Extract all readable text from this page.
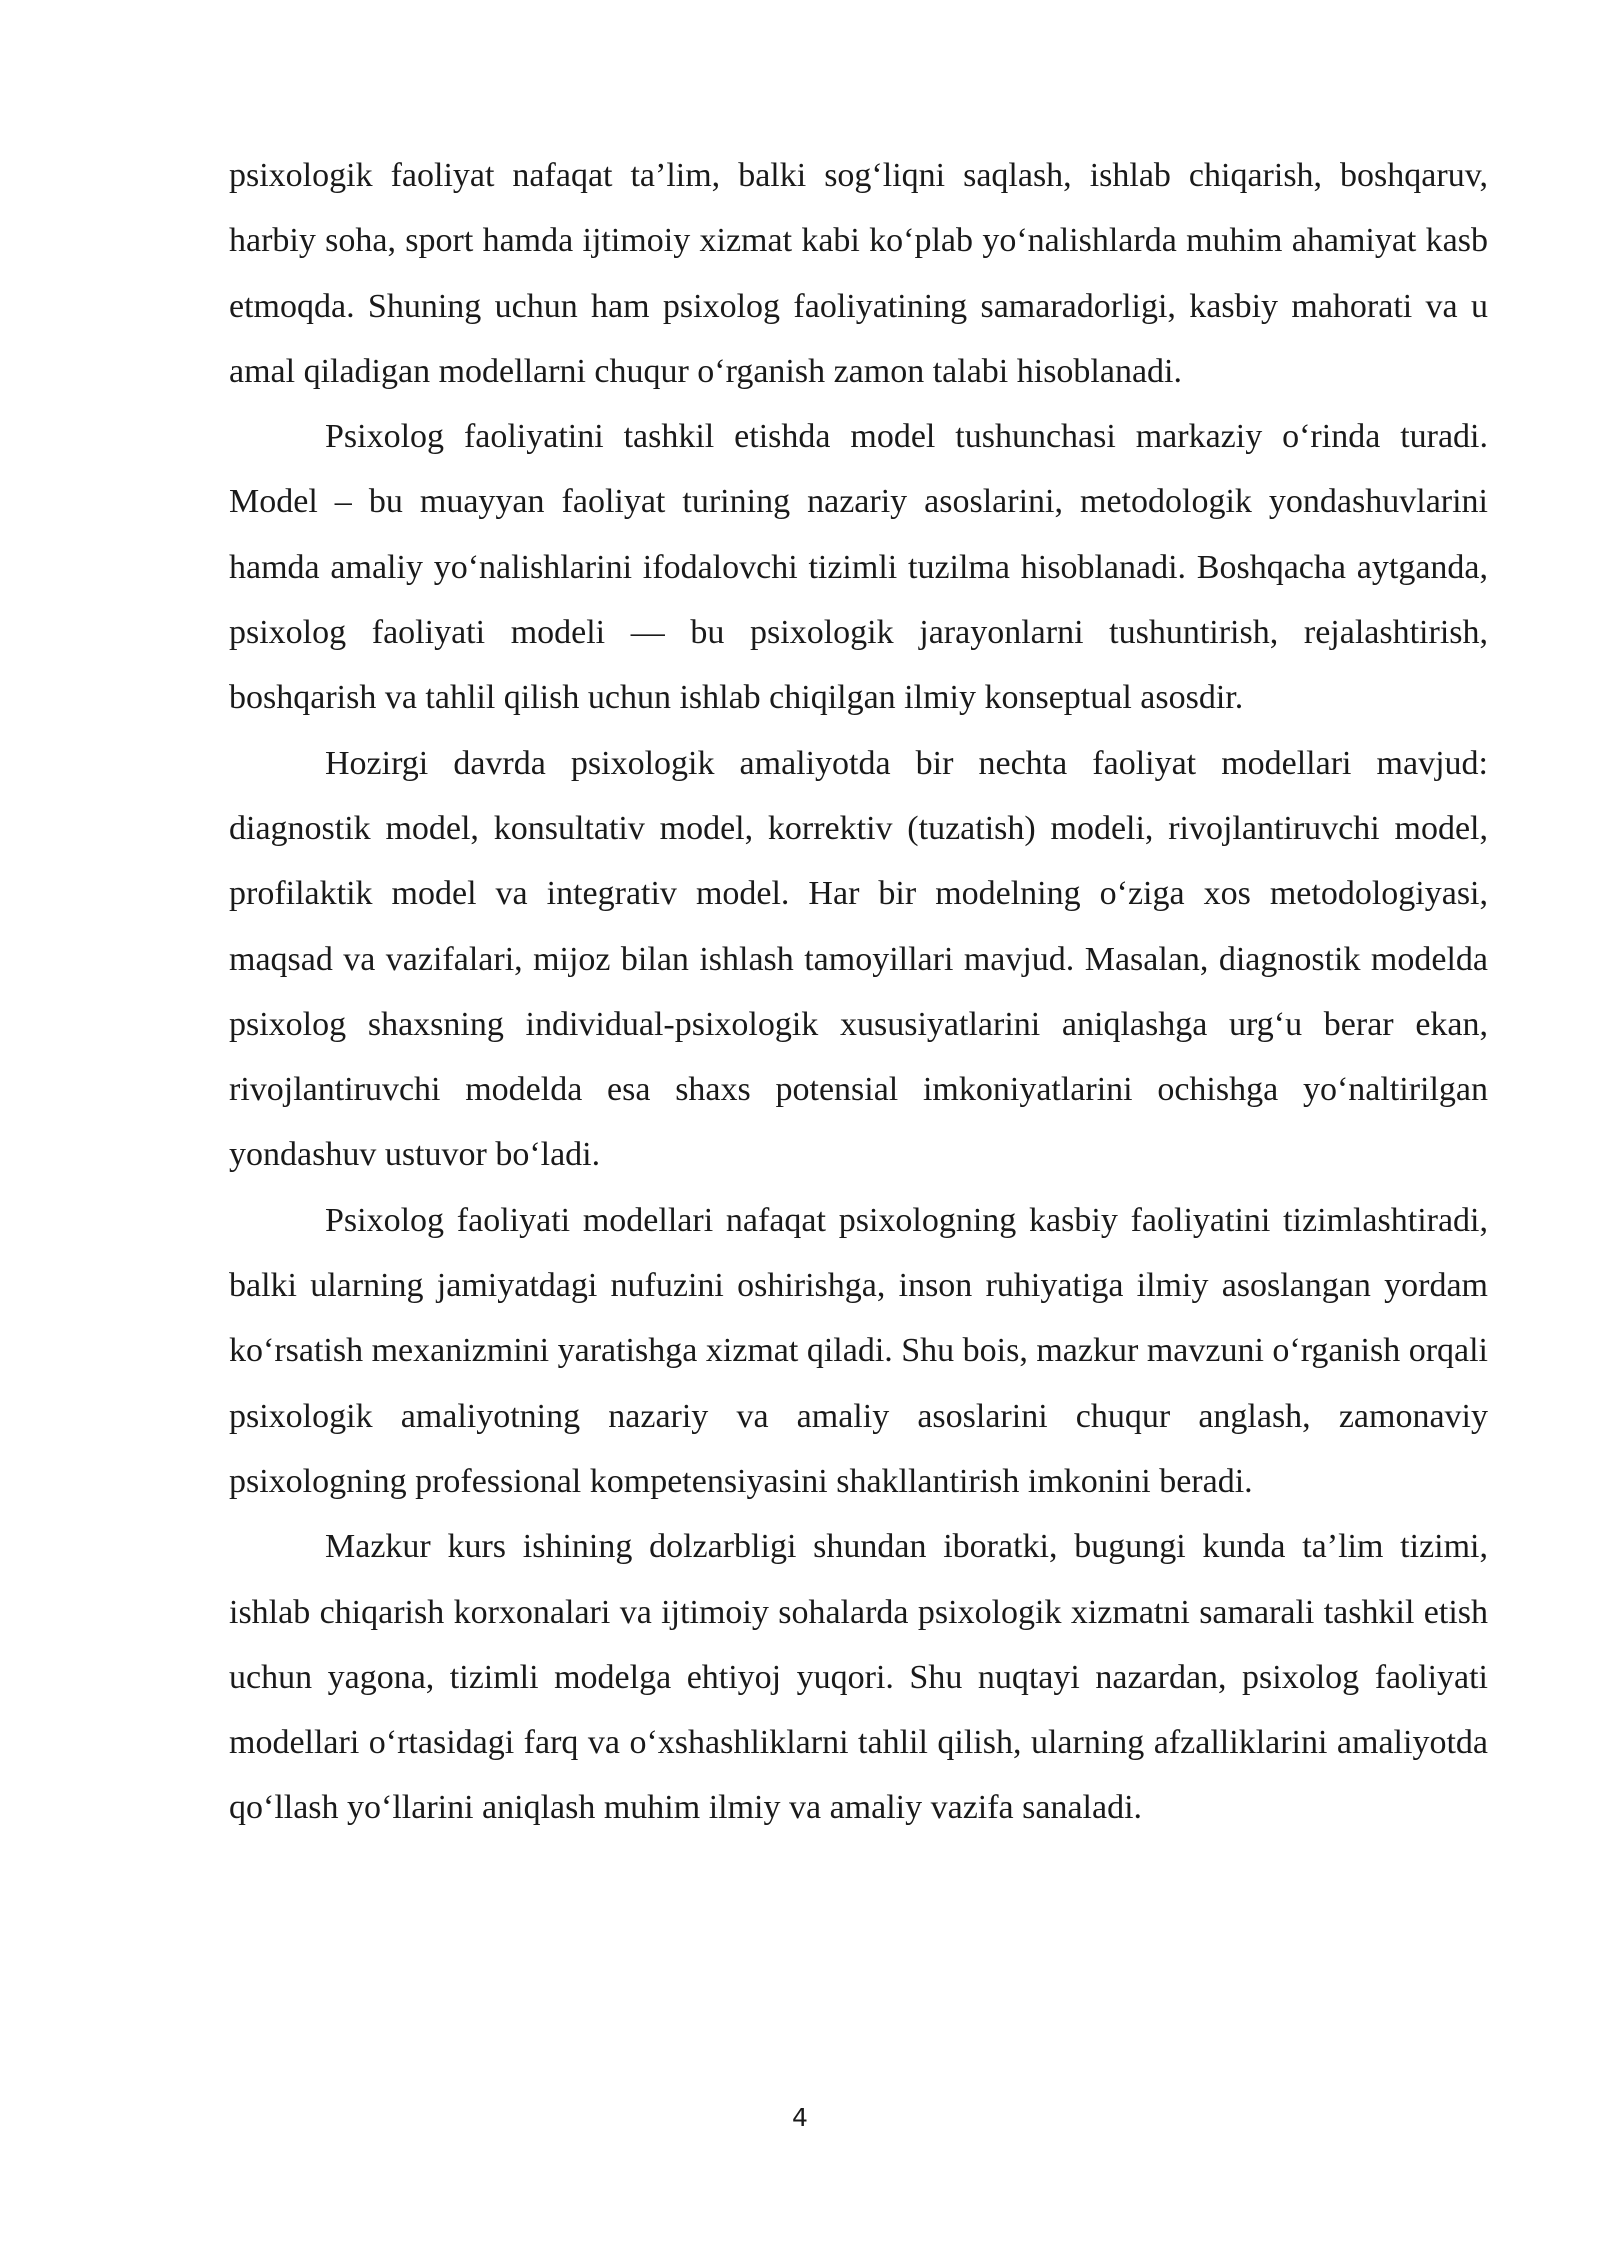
psixologik faoliyat nafaqat ta’lim, balki sog‘liqni saqlash, ishlab chiqarish, boshqaruv, harbiy soha, sport hamda ijtimoiy xizmat kabi ko‘plab yo‘nalishlarda muhim ahamiyat kasb etmoqda. Shuning uchun ham psixolog faoliyatining samaradorligi, kasbiy mahorati va u amal qiladigan modellarni chuqur o‘rganish zamon talabi hisoblanadi.

Psixolog faoliyatini tashkil etishda model tushunchasi markaziy o‘rinda turadi. Model – bu muayyan faoliyat turining nazariy asoslarini, metodologik yondashuvlarini hamda amaliy yo‘nalishlarini ifodalovchi tizimli tuzilma hisoblanadi. Boshqacha aytganda, psixolog faoliyati modeli — bu psixologik jarayonlarni tushuntirish, rejalashtirish, boshqarish va tahlil qilish uchun ishlab chiqilgan ilmiy konseptual asosdir.

Hozirgi davrda psixologik amaliyotda bir nechta faoliyat modellari mavjud: diagnostik model, konsultativ model, korrektiv (tuzatish) modeli, rivojlantiruvchi model, profilaktik model va integrativ model. Har bir modelning o‘ziga xos metodologiyasi, maqsad va vazifalari, mijoz bilan ishlash tamoyillari mavjud. Masalan, diagnostik modelda psixolog shaxsning individual-psixologik xususiyatlarini aniqlashga urg‘u berar ekan, rivojlantiruvchi modelda esa shaxs potensial imkoniyatlarini ochishga yo‘naltirilgan yondashuv ustuvor bo‘ladi.

Psixolog faoliyati modellari nafaqat psixologning kasbiy faoliyatini tizimlashtiradi, balki ularning jamiyatdagi nufuzini oshirishga, inson ruhiyatiga ilmiy asoslangan yordam ko‘rsatish mexanizmini yaratishga xizmat qiladi. Shu bois, mazkur mavzuni o‘rganish orqali psixologik amaliyotning nazariy va amaliy asoslarini chuqur anglash, zamonaviy psixologning professional kompetensiyasini shakllantirish imkonini beradi.

Mazkur kurs ishining dolzarbligi shundan iboratki, bugungi kunda ta’lim tizimi, ishlab chiqarish korxonalari va ijtimoiy sohalarda psixologik xizmatni samarali tashkil etish uchun yagona, tizimli modelga ehtiyoj yuqori. Shu nuqtayi nazardan, psixolog faoliyati modellari o‘rtasidagi farq va o‘xshashliklarni tahlil qilish, ularning afzalliklarini amaliyotda qo‘llash yo‘llarini aniqlash muhim ilmiy va amaliy vazifa sanaladi.

4
